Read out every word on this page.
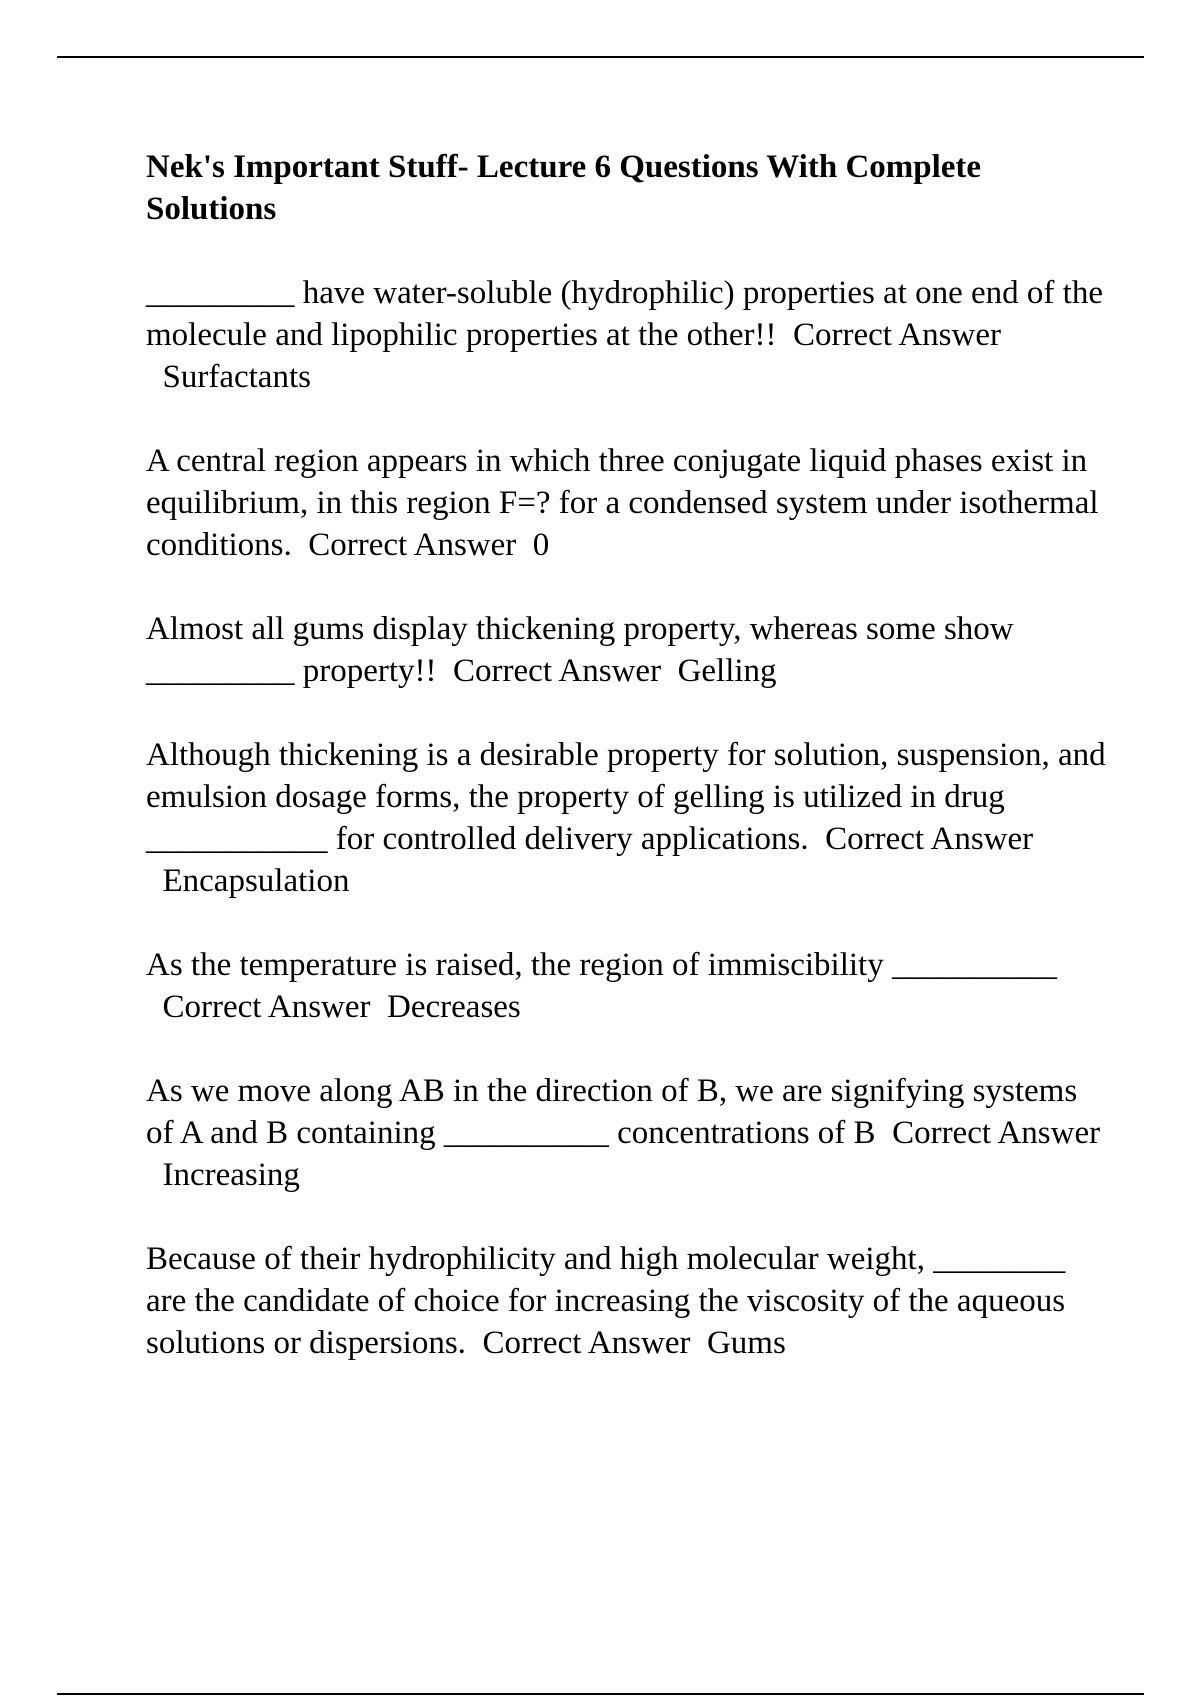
Nek's Important Stuff- Lecture 6 Questions With Complete Solutions
_________ have water-soluble (hydrophilic) properties at one end of the molecule and lipophilic properties at the other!! Correct Answer  Surfactants
A central region appears in which three conjugate liquid phases exist in equilibrium, in this region F=? for a condensed system under isothermal conditions. Correct Answer 0
Almost all gums display thickening property, whereas some show _________ property!! Correct Answer Gelling
Although thickening is a desirable property for solution, suspension, and emulsion dosage forms, the property of gelling is utilized in drug ___________ for controlled delivery applications. Correct Answer  Encapsulation
As the temperature is raised, the region of immiscibility __________  Correct Answer Decreases
As we move along AB in the direction of B, we are signifying systems of A and B containing __________ concentrations of B Correct Answer  Increasing
Because of their hydrophilicity and high molecular weight, ________ are the candidate of choice for increasing the viscosity of the aqueous solutions or dispersions. Correct Answer Gums
